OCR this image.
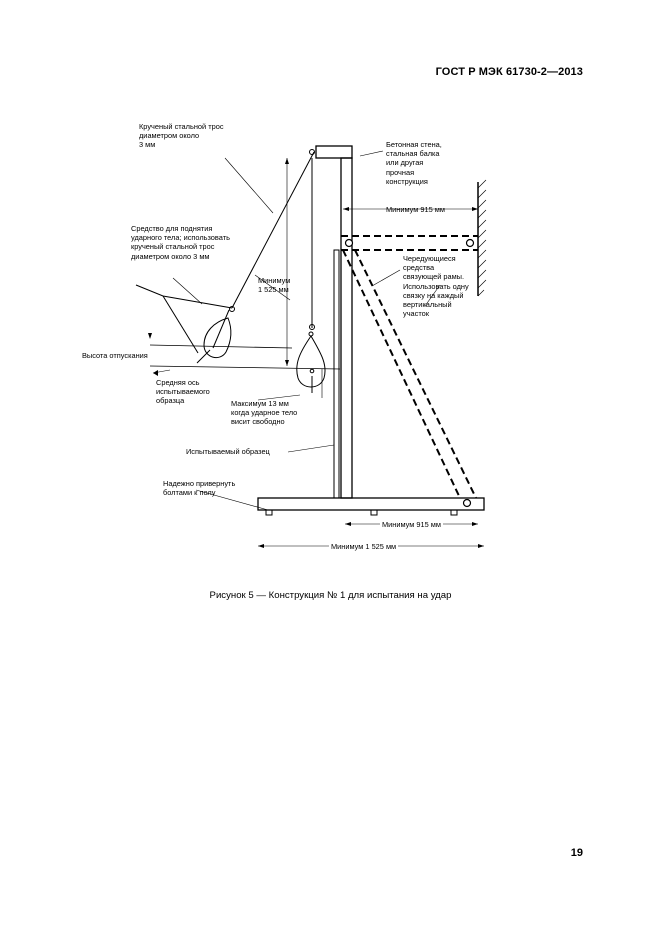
ГОСТ Р МЭК 61730-2—2013
Крученый стальной трос
диаметром около
3 мм
Средство для поднятия
ударного тела; использовать
крученый стальной трос
диаметром около 3 мм
Минимум
1 525 мм
Высота отпускания
Средняя ось
испытываемого
образца	Максимум 13 мм
когда ударное тело
висит свободно
Испытываемый образец
Надежно привернуть
болтами к полу
Бетонная стена,
стальная балка
или другая
прочная
конструкция
Минимум 915 мм
Чередующиеся
средства
связующей рамы.
Использовать одну
связку на каждый
вертикальный
участок
Минимум 915 мм
Минимум 1 525 мм
Рисунок 5 — Конструкция № 1 для испытания на удар
19
